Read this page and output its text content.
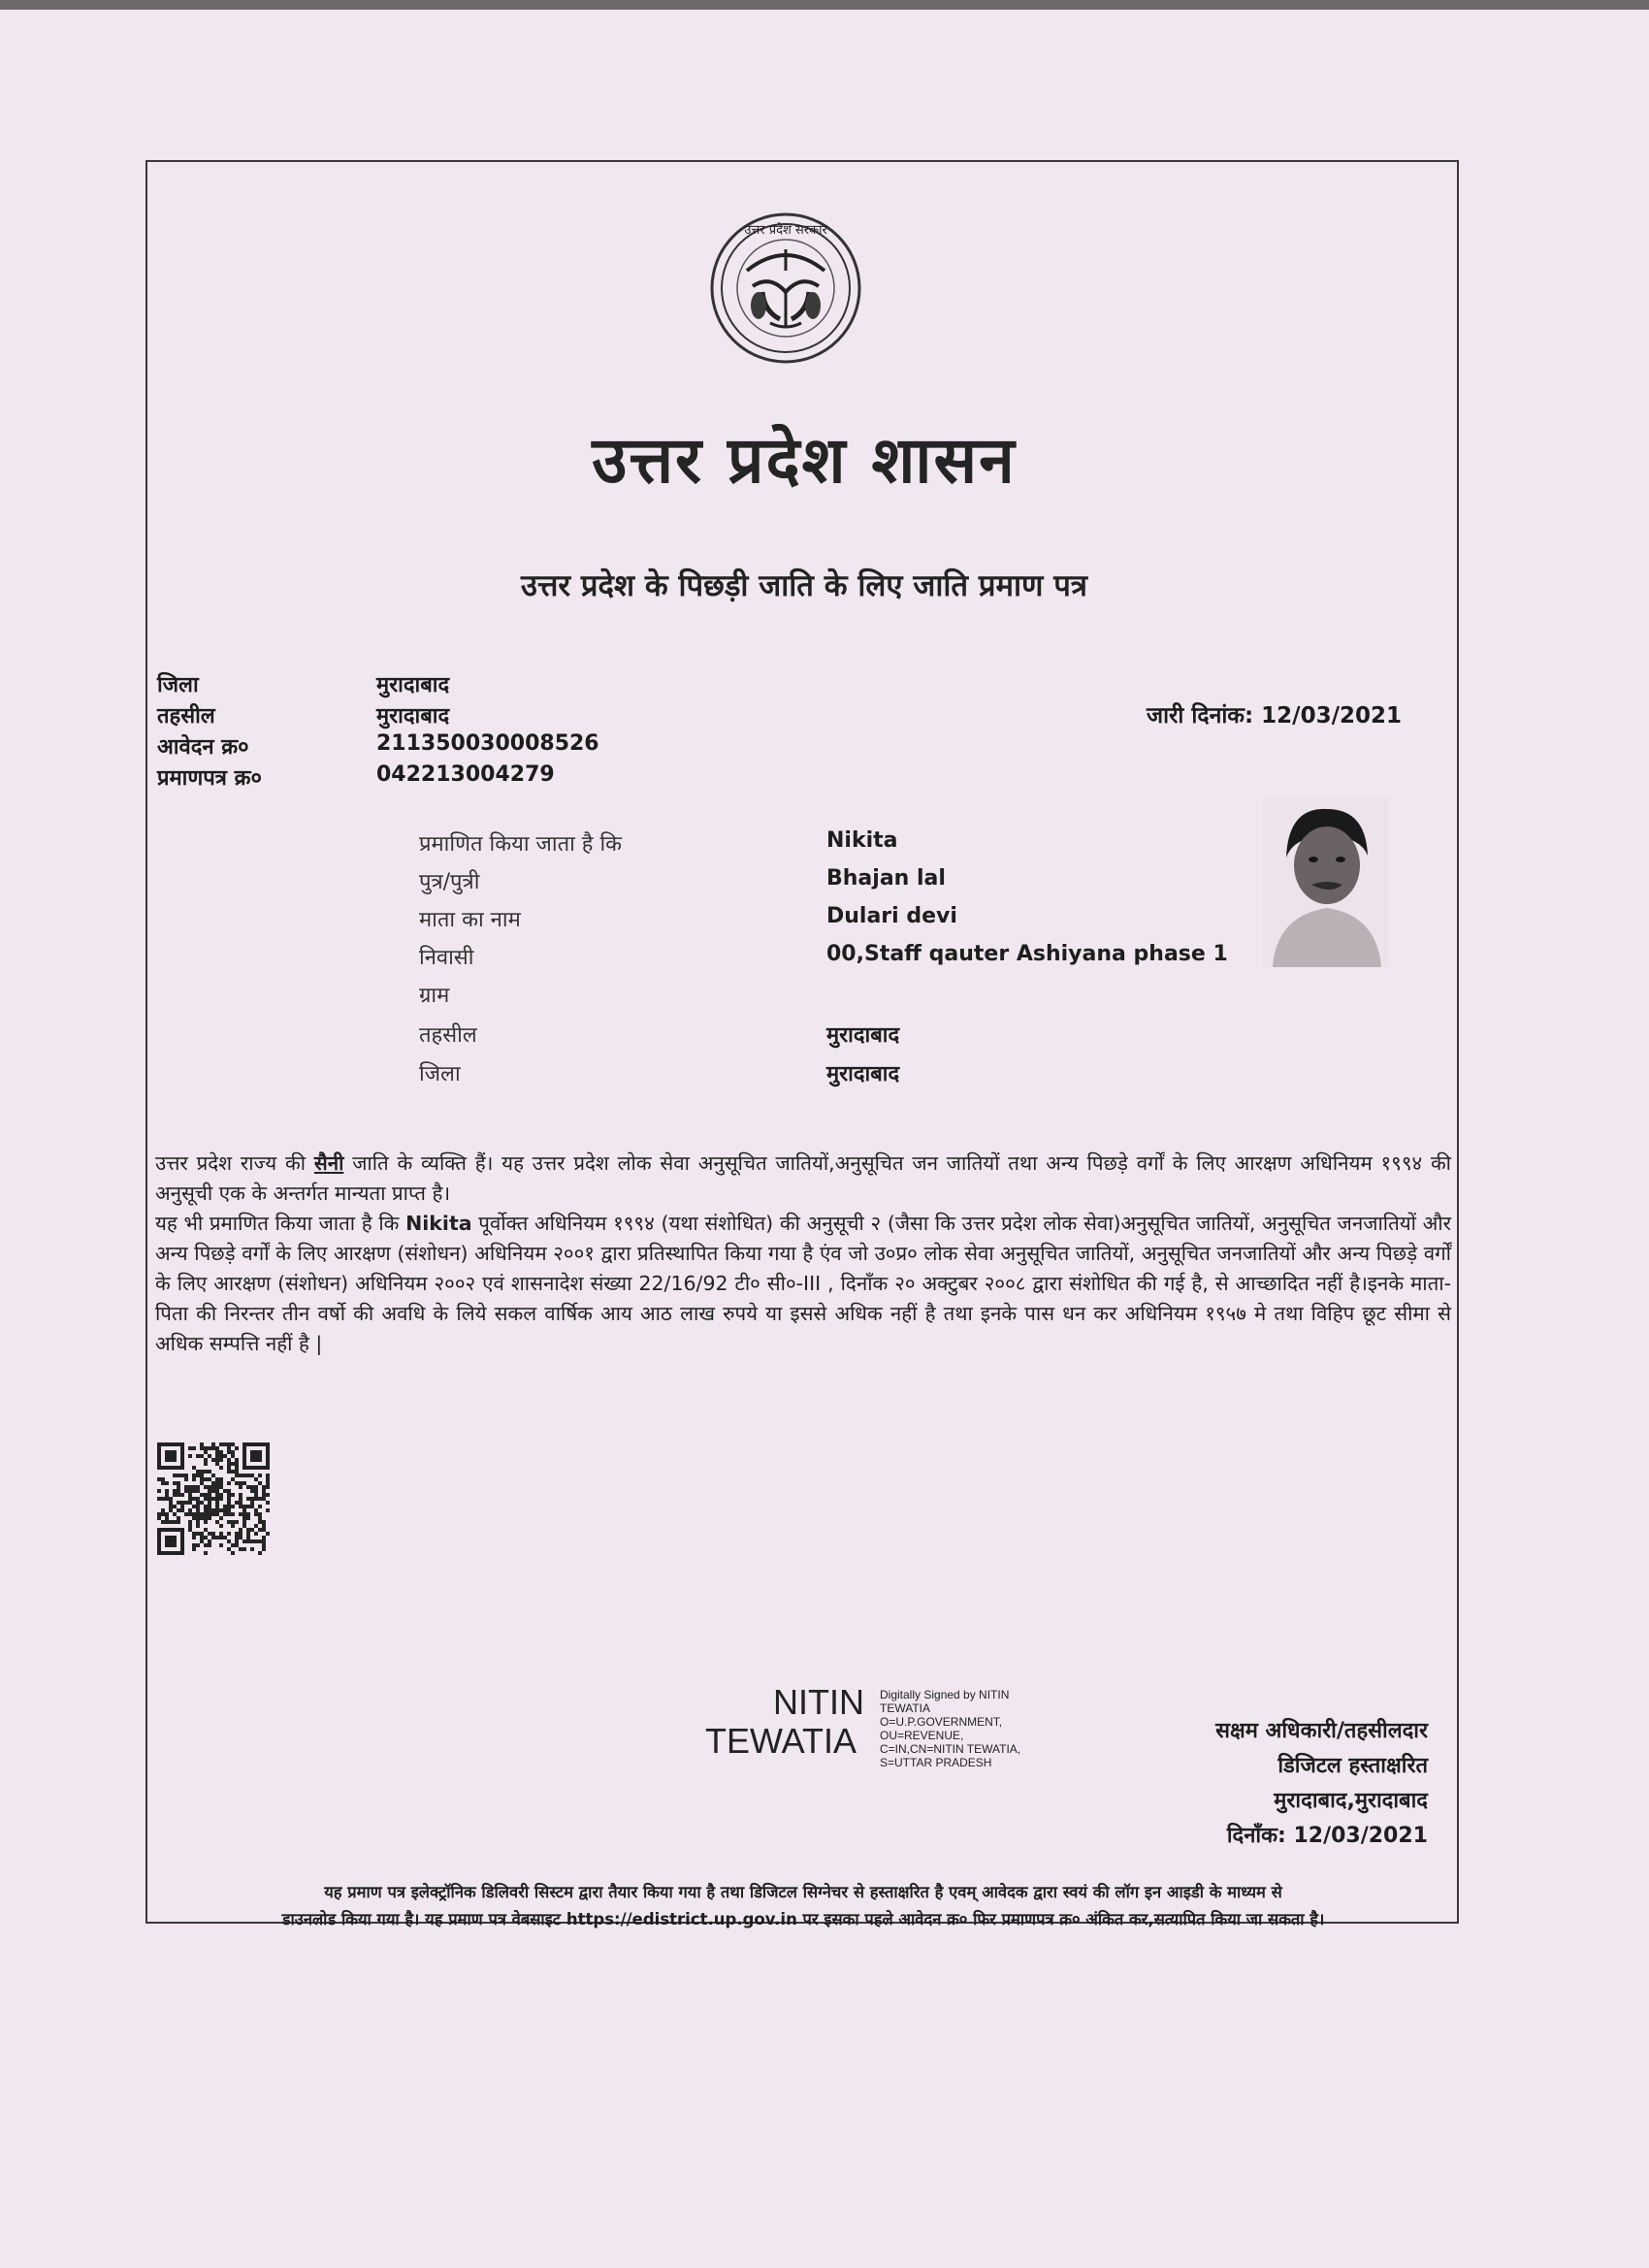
उत्तर प्रदेश सरकार
उत्तर प्रदेश शासन
उत्तर प्रदेश के पिछड़ी जाति के लिए जाति प्रमाण पत्र
जिला	मुरादाबाद
तहसील	मुरादाबाद
आवेदन क्र०	211350030008526
प्रमाणपत्र क्र०	042213004279
जारी दिनांक: 12/03/2021
प्रमाणित किया जाता है कि	Nikita
पुत्र/पुत्री	Bhajan lal
माता का नाम	Dulari devi
निवासी	00,Staff qauter Ashiyana phase 1
ग्राम
तहसील	मुरादाबाद
जिला	मुरादाबाद

उत्तर प्रदेश राज्य की सैनी जाति के व्यक्ति हैं। यह उत्तर प्रदेश लोक सेवा अनुसूचित जातियों,अनुसूचित जन जातियों तथा अन्य पिछड़े वर्गों के लिए आरक्षण अधिनियम १९९४ की अनुसूची एक के अन्तर्गत मान्यता प्राप्त है।

यह भी प्रमाणित किया जाता है कि Nikita पूर्वोक्त अधिनियम १९९४ (यथा संशोधित) की अनुसूची २ (जैसा कि उत्तर प्रदेश लोक सेवा)अनुसूचित जातियों, अनुसूचित जनजातियों और अन्य पिछड़े वर्गों के लिए आरक्षण (संशोधन) अधिनियम २००१ द्वारा प्रतिस्थापित किया गया है एंव जो उ०प्र० लोक सेवा अनुसूचित जातियों, अनुसूचित जनजातियों और अन्य पिछड़े वर्गों के लिए आरक्षण (संशोधन) अधिनियम २००२ एवं शासनादेश संख्या 22/16/92 टी० सी०-III , दिनाँक २० अक्टुबर २००८ द्वारा संशोधित की गई है, से आच्छादित नहीं है।इनके माता-पिता की निरन्तर तीन वर्षो की अवधि के लिये सकल वार्षिक आय आठ लाख रुपये या इससे अधिक नहीं है तथा इनके पास धन कर अधिनियम १९५७ मे तथा विहिप छूट सीमा से अधिक सम्पत्ति नहीं है |

NITIN
TEWATIA
Digitally Signed by NITIN
TEWATIA
O=U.P.GOVERNMENT,
OU=REVENUE,
C=IN,CN=NITIN TEWATIA,
S=UTTAR PRADESH
सक्षम अधिकारी/तहसीलदार
डिजिटल हस्ताक्षरित
मुरादाबाद,मुरादाबाद
दिनाँक: 12/03/2021
यह प्रमाण पत्र इलेक्ट्रॉनिक डिलिवरी सिस्टम द्वारा तैयार किया गया है तथा डिजिटल सिग्नेचर से हस्ताक्षरित है एवम् आवेदक द्वारा स्वयं की लॉग इन आइडी के माध्यम से
डाउनलोड किया गया है। यह प्रमाण पत्र वेबसाइट https://edistrict.up.gov.in पर इसका पहले आवेदन क्र० फिर प्रमाणपत्र क्र० अंकित कर,सत्यापित किया जा सकता है।
